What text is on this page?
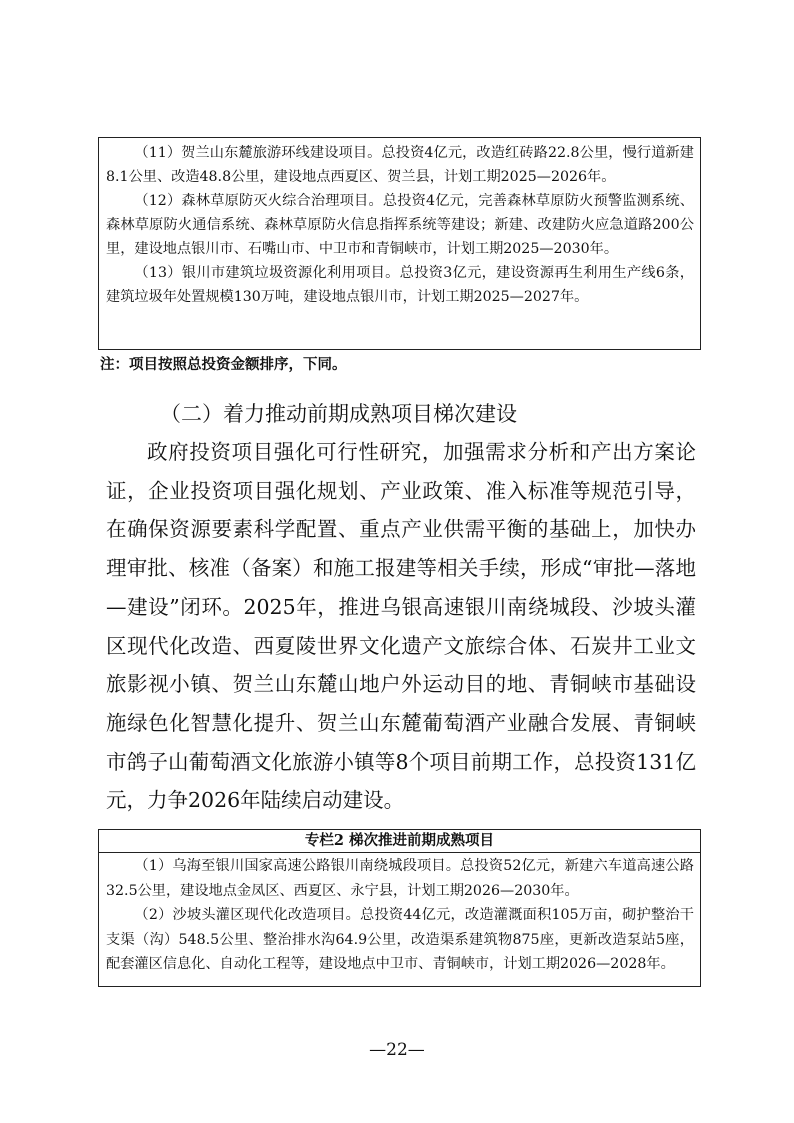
（11）贺兰山东麓旅游环线建设项目。总投资4亿元，改造红砖路22.8公里，慢行道新建8.1公里、改造48.8公里，建设地点西夏区、贺兰县，计划工期2025—2026年。

（12）森林草原防灭火综合治理项目。总投资4亿元，完善森林草原防火预警监测系统、森林草原防火通信系统、森林草原防火信息指挥系统等建设；新建、改建防火应急道路200公里，建设地点银川市、石嘴山市、中卫市和青铜峡市，计划工期2025—2030年。

（13）银川市建筑垃圾资源化利用项目。总投资3亿元，建设资源再生利用生产线6条，建筑垃圾年处置规模130万吨，建设地点银川市，计划工期2025—2027年。

注：项目按照总投资金额排序，下同。
（二）着力推动前期成熟项目梯次建设

政府投资项目强化可行性研究，加强需求分析和产出方案论证，企业投资项目强化规划、产业政策、准入标准等规范引导，在确保资源要素科学配置、重点产业供需平衡的基础上，加快办理审批、核准（备案）和施工报建等相关手续，形成“审批—落地—建设”闭环。2025年，推进乌银高速银川南绕城段、沙坡头灌区现代化改造、西夏陵世界文化遗产文旅综合体、石炭井工业文旅影视小镇、贺兰山东麓山地户外运动目的地、青铜峡市基础设施绿色化智慧化提升、贺兰山东麓葡萄酒产业融合发展、青铜峡市鸽子山葡萄酒文化旅游小镇等8个项目前期工作，总投资131亿元，力争2026年陆续启动建设。

专栏2 梯次推进前期成熟项目

（1）乌海至银川国家高速公路银川南绕城段项目。总投资52亿元，新建六车道高速公路32.5公里，建设地点金凤区、西夏区、永宁县，计划工期2026—2030年。

（2）沙坡头灌区现代化改造项目。总投资44亿元，改造灌溉面积105万亩，砌护整治干支渠（沟）548.5公里、整治排水沟64.9公里，改造渠系建筑物875座，更新改造泵站5座，配套灌区信息化、自动化工程等，建设地点中卫市、青铜峡市，计划工期2026—2028年。

—22—
